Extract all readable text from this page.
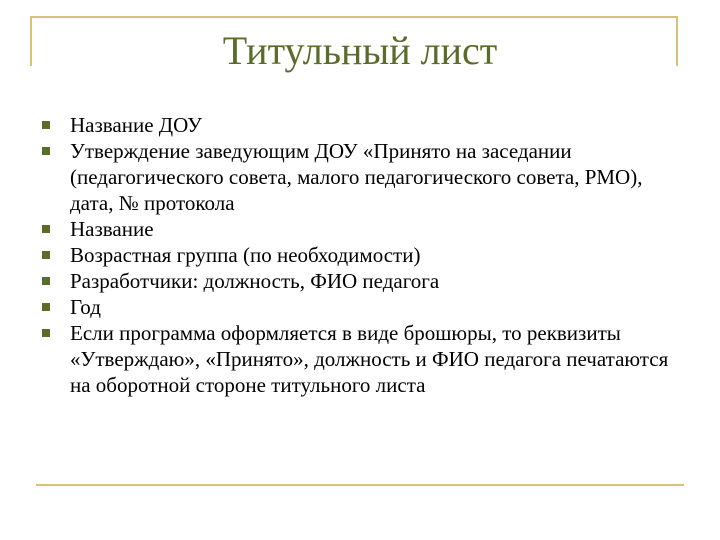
Титульный лист
Название ДОУ
Утверждение заведующим ДОУ «Принято на заседании (педагогического совета, малого педагогического совета, РМО), дата, № протокола
Название
Возрастная группа (по необходимости)
Разработчики: должность, ФИО педагога
Год
Если программа оформляется в виде брошюры, то реквизиты «Утверждаю», «Принято», должность и ФИО педагога печатаются на оборотной стороне титульного листа
